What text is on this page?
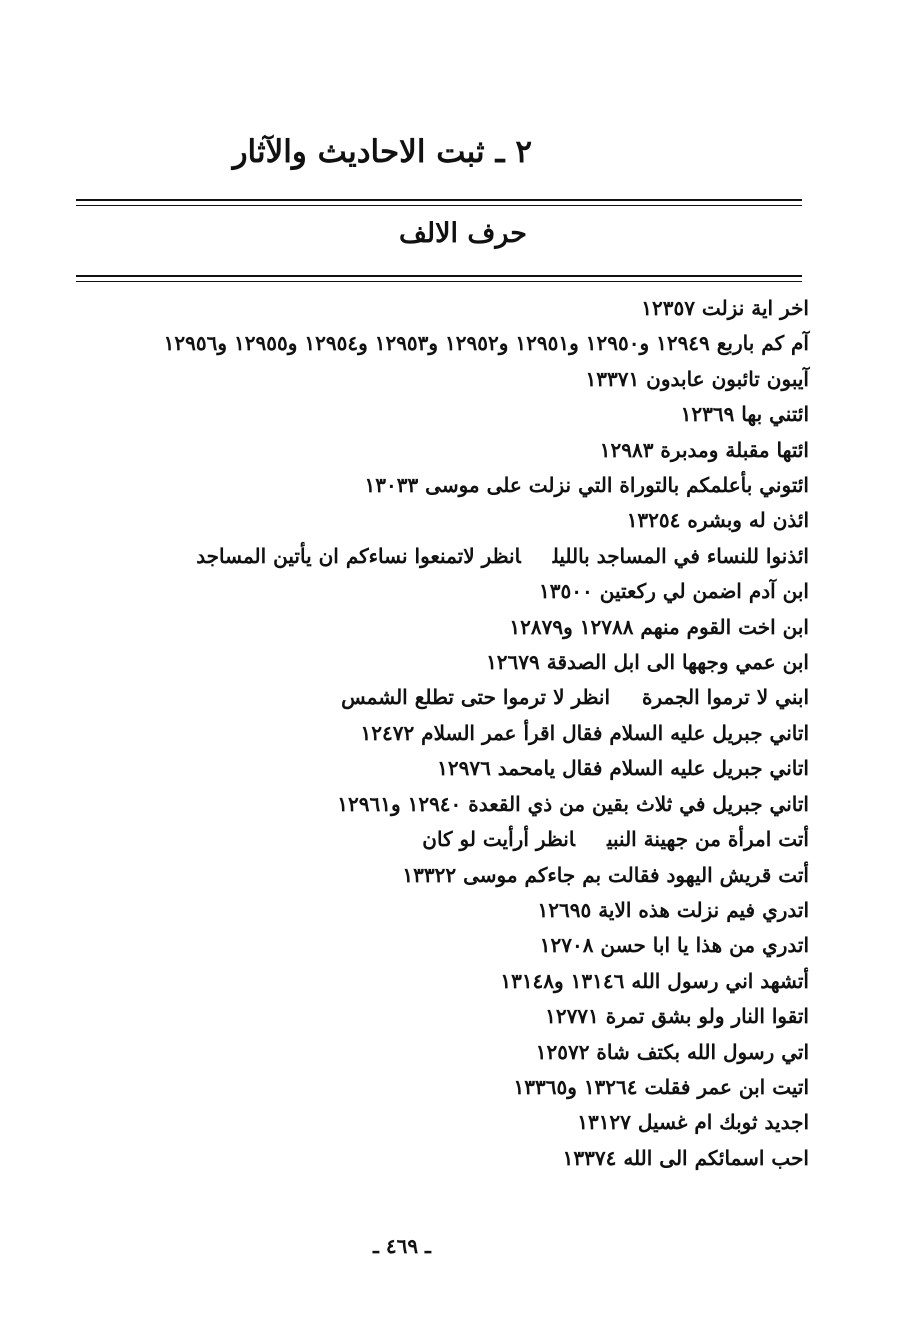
٢ ـ ثبت الاحاديث والآثار
حرف الالف
اخر اية نزلت ١٢٣٥٧
آم كم باربع ١٢٩٤٩ و١٢٩٥٠ و١٢٩٥١ و١٢٩٥٢ و١٢٩٥٣ و١٢٩٥٤ و١٢٩٥٥ و١٢٩٥٦
آيبون تائبون عابدون ١٣٣٧١
ائتني بها ١٢٣٦٩
ائتها مقبلة ومدبرة ١٢٩٨٣
ائتوني بأعلمكم بالتوراة التي نزلت على موسى ١٣٠٣٣
ائذن له وبشره ١٣٢٥٤
ائذنوا للنساء في المساجد بالليلانظر لاتمنعوا نساءكم ان يأتين المساجد
ابن آدم اضمن لي ركعتين ١٣٥٠٠
ابن اخت القوم منهم ١٢٧٨٨ و١٢٨٧٩
ابن عمي وجهها الى ابل الصدقة ١٢٦٧٩
ابني لا ترموا الجمرةانظر لا ترموا حتى تطلع الشمس
اتاني جبريل عليه السلام فقال اقرأ عمر السلام ١٢٤٧٢
اتاني جبريل عليه السلام فقال يامحمد ١٢٩٧٦
اتاني جبريل في ثلاث بقين من ذي القعدة ١٢٩٤٠ و١٢٩٦١
أتت امرأة من جهينة النبيانظر أرأيت لو كان
أتت قريش اليهود فقالت بم جاءكم موسى ١٣٣٢٢
اتدري فيم نزلت هذه الاية ١٢٦٩٥
اتدري من هذا يا ابا حسن ١٢٧٠٨
أتشهد اني رسول الله ١٣١٤٦ و١٣١٤٨
اتقوا النار ولو بشق تمرة ١٢٧٧١
اتي رسول الله بكتف شاة ١٢٥٧٢
اتيت ابن عمر فقلت ١٣٢٦٤ و١٣٣٦٥
اجديد ثوبك ام غسيل ١٣١٢٧
احب اسمائكم الى الله ١٣٣٧٤
ـ ٤٦٩ ـ
